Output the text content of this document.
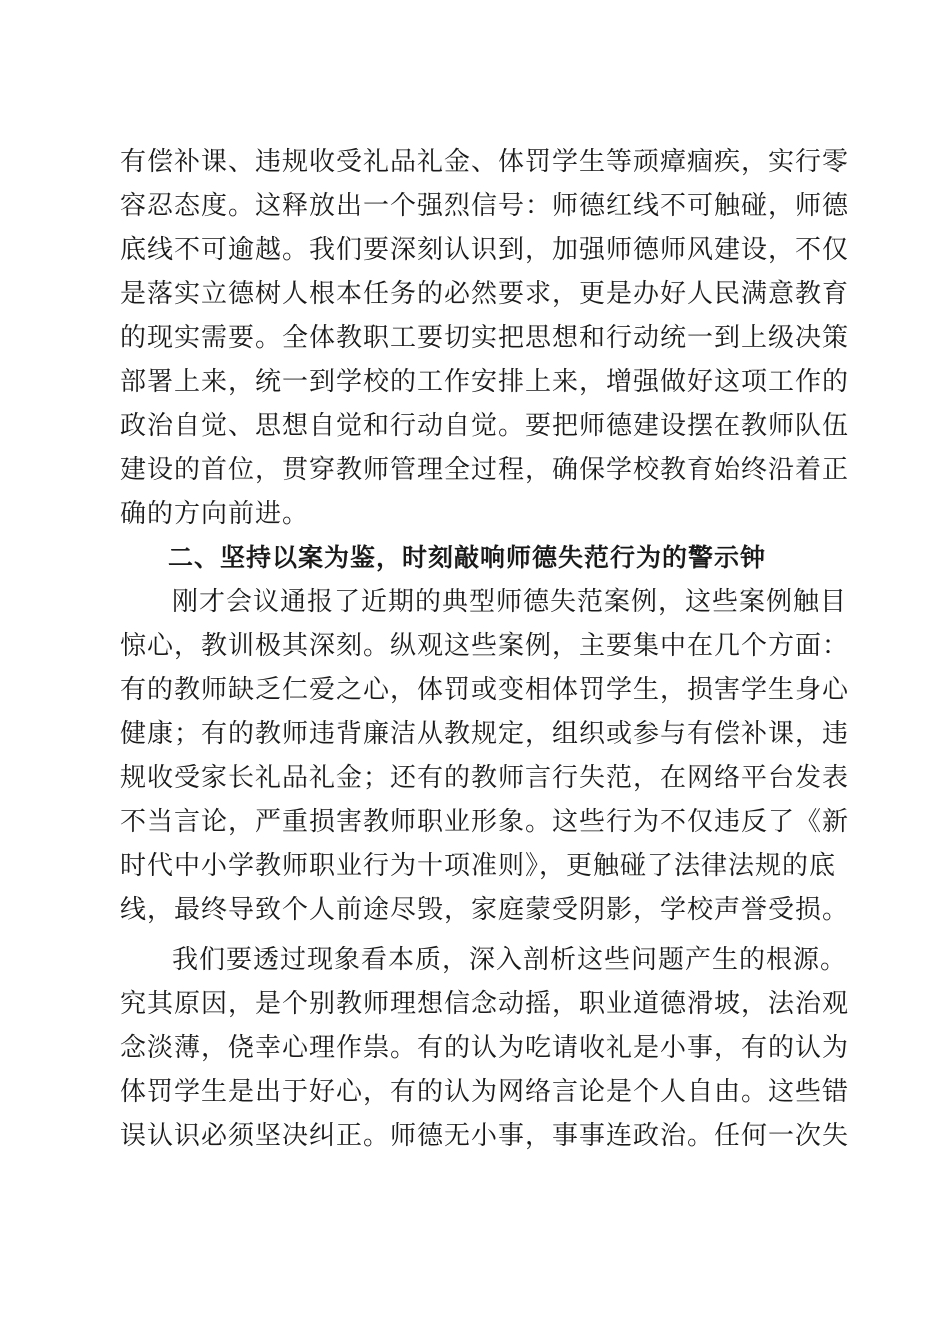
有偿补课、违规收受礼品礼金、体罚学生等顽瘴痼疾，实行零
容忍态度。这释放出一个强烈信号：师德红线不可触碰，师德
底线不可逾越。我们要深刻认识到，加强师德师风建设，不仅
是落实立德树人根本任务的必然要求，更是办好人民满意教育
的现实需要。全体教职工要切实把思想和行动统一到上级决策
部署上来，统一到学校的工作安排上来，增强做好这项工作的
政治自觉、思想自觉和行动自觉。要把师德建设摆在教师队伍
建设的首位，贯穿教师管理全过程，确保学校教育始终沿着正
确的方向前进。
二、坚持以案为鉴，时刻敲响师德失范行为的警示钟
刚才会议通报了近期的典型师德失范案例，这些案例触目
惊心，教训极其深刻。纵观这些案例，主要集中在几个方面：
有的教师缺乏仁爱之心，体罚或变相体罚学生，损害学生身心
健康；有的教师违背廉洁从教规定，组织或参与有偿补课，违
规收受家长礼品礼金；还有的教师言行失范，在网络平台发表
不当言论，严重损害教师职业形象。这些行为不仅违反了《新
时代中小学教师职业行为十项准则》，更触碰了法律法规的底
线，最终导致个人前途尽毁，家庭蒙受阴影，学校声誉受损。
我们要透过现象看本质，深入剖析这些问题产生的根源。
究其原因，是个别教师理想信念动摇，职业道德滑坡，法治观
念淡薄，侥幸心理作祟。有的认为吃请收礼是小事，有的认为
体罚学生是出于好心，有的认为网络言论是个人自由。这些错
误认识必须坚决纠正。师德无小事，事事连政治。任何一次失
